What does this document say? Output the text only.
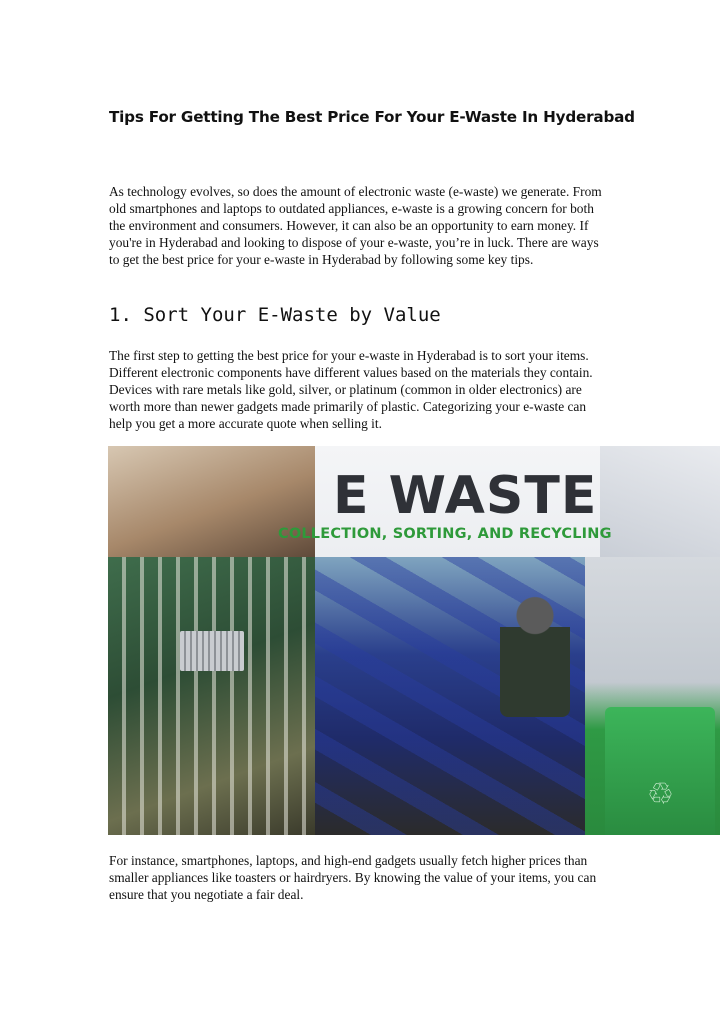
Tips For Getting The Best Price For Your E-Waste In Hyderabad

As technology evolves, so does the amount of electronic waste (e-waste) we generate. From old smartphones and laptops to outdated appliances, e-waste is a growing concern for both the environment and consumers. However, it can also be an opportunity to earn money. If you're in Hyderabad and looking to dispose of your e-waste, you’re in luck. There are ways to get the best price for your e-waste in Hyderabad by following some key tips.

1. Sort Your E-Waste by Value

The first step to getting the best price for your e-waste in Hyderabad is to sort your items. Different electronic components have different values based on the materials they contain. Devices with rare metals like gold, silver, or platinum (common in older electronics) are worth more than newer gadgets made primarily of plastic. Categorizing your e-waste can help you get a more accurate quote when selling it.

E WASTE
COLLECTION, SORTING, AND RECYCLING
♲

For instance, smartphones, laptops, and high-end gadgets usually fetch higher prices than smaller appliances like toasters or hairdryers. By knowing the value of your items, you can ensure that you negotiate a fair deal.
